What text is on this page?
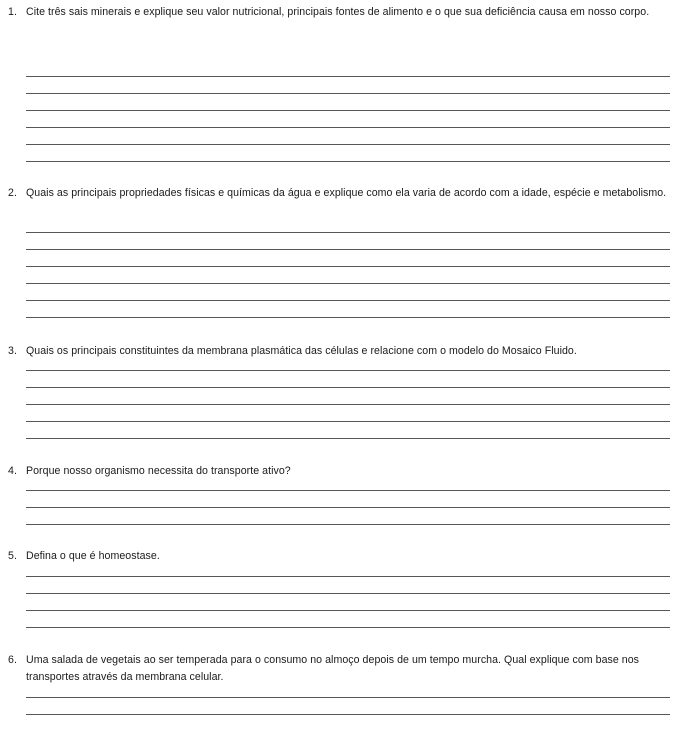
1. Cite três sais minerais e explique seu valor nutricional, principais fontes de alimento e o que sua deficiência causa em nosso corpo.

2. Quais as principais propriedades físicas e químicas da água e explique como ela varia de acordo com a idade, espécie e metabolismo.

3. Quais os principais constituintes da membrana plasmática das células e relacione com o modelo do Mosaico Fluido.

4. Porque nosso organismo necessita do transporte ativo?

5. Defina o que é homeostase.

6. Uma salada de vegetais ao ser temperada para o consumo no almoço depois de um tempo murcha. Qual explique com base nos transportes através da membrana celular.
